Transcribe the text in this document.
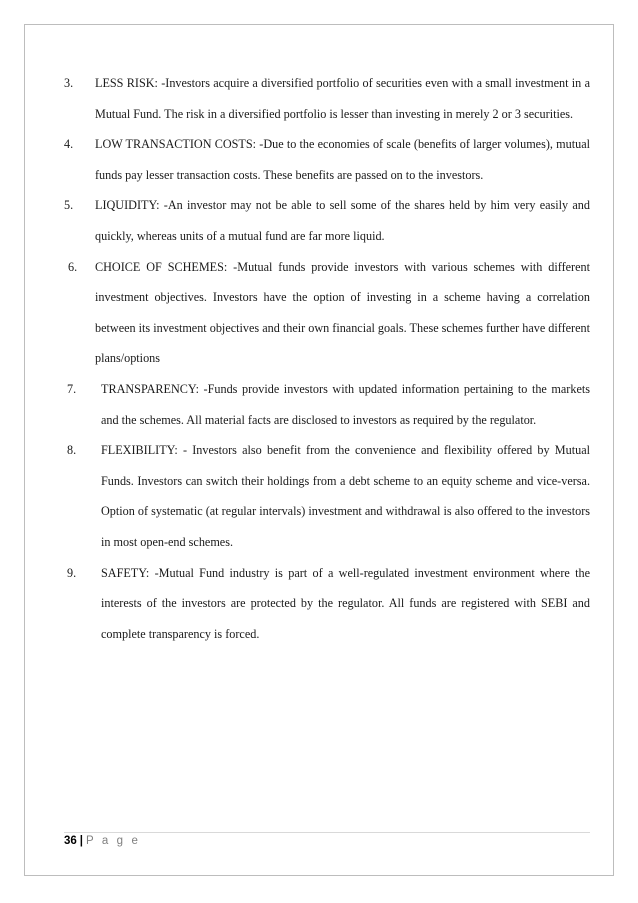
3.	LESS RISK: -Investors acquire a diversified portfolio of securities even with a small investment in a Mutual Fund. The risk in a diversified portfolio is lesser than investing in merely 2 or 3 securities.
4.	LOW TRANSACTION COSTS: -Due to the economies of scale (benefits of larger volumes), mutual funds pay lesser transaction costs. These benefits are passed on to the investors.
5.	LIQUIDITY: -An investor may not be able to sell some of the shares held by him very easily and quickly, whereas units of a mutual fund are far more liquid.
6.	CHOICE OF SCHEMES: -Mutual funds provide investors with various schemes with different investment objectives. Investors have the option of investing in a scheme having a correlation between its investment objectives and their own financial goals. These schemes further have different plans/options
7.	TRANSPARENCY: -Funds provide investors with updated information pertaining to the markets and the schemes. All material facts are disclosed to investors as required by the regulator.
8.	FLEXIBILITY: - Investors also benefit from the convenience and flexibility offered by Mutual Funds. Investors can switch their holdings from a debt scheme to an equity scheme and vice-versa. Option of systematic (at regular intervals) investment and withdrawal is also offered to the investors in most open-end schemes.
9.	SAFETY: -Mutual Fund industry is part of a well-regulated investment environment where the interests of the investors are protected by the regulator. All funds are registered with SEBI and complete transparency is forced.
36 | P a g e
